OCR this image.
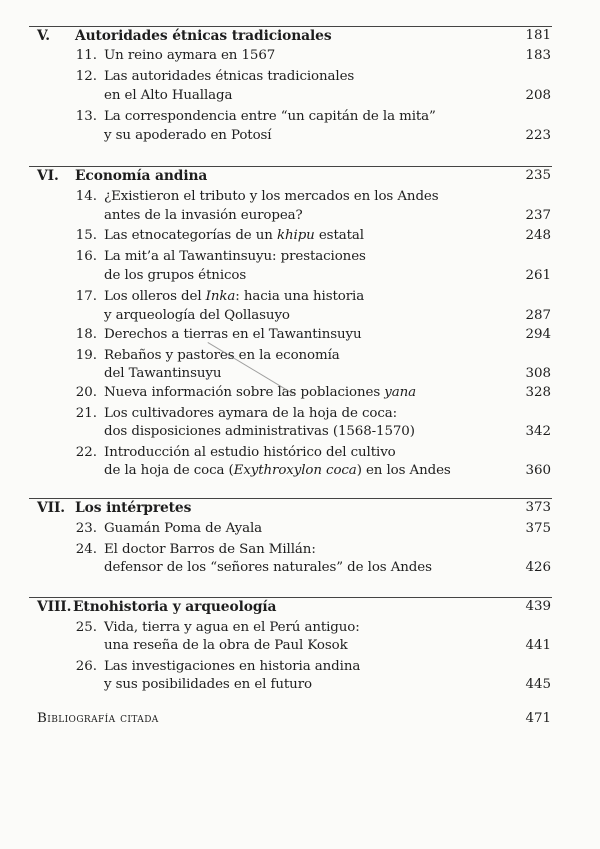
V. Autoridades étnicas tradicionales	181
11. Un reino aymara en 1567	183
12. Las autoridades étnicas tradicionales
en el Alto Huallaga	208
13. La correspondencia entre “un capitán de la mita”
y su apoderado en Potosí	223
VI. Economía andina	235
14. ¿Existieron el tributo y los mercados en los Andes
antes de la invasión europea?	237
15. Las etnocategorías de un khipu estatal	248
16. La mit’a al Tawantinsuyu: prestaciones
de los grupos étnicos	261
17. Los olleros del Inka: hacia una historia
y arqueología del Qollasuyo	287
18. Derechos a tierras en el Tawantinsuyu	294
19. Rebaños y pastores en la economía
del Tawantinsuyu	308
20. Nueva información sobre las poblaciones yana	328
21. Los cultivadores aymara de la hoja de coca:
dos disposiciones administrativas (1568-1570)	342
22. Introducción al estudio histórico del cultivo
de la hoja de coca (Exythroxylon coca) en los Andes	360
VII. Los intérpretes	373
23. Guamán Poma de Ayala	375
24. El doctor Barros de San Millán:
defensor de los “señores naturales” de los Andes	426
VIII. Etnohistoria y arqueología	439
25. Vida, tierra y agua en el Perú antiguo:
una reseña de la obra de Paul Kosok	441
26. Las investigaciones en historia andina
y sus posibilidades en el futuro	445
Bibliografía citada	471
